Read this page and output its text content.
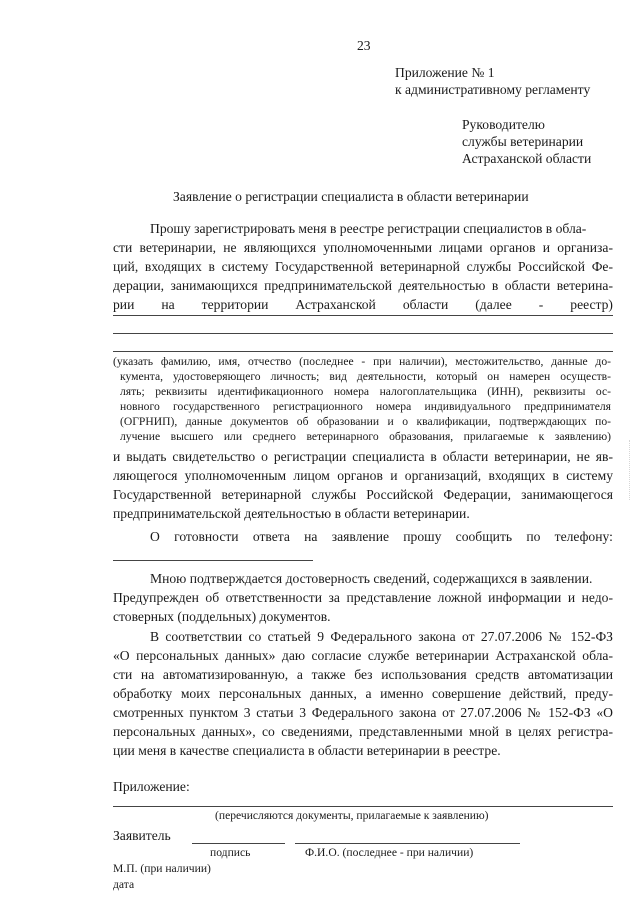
23
Приложение № 1
к административному регламенту
Руководителю
службы ветеринарии
Астраханской области
Заявление о регистрации специалиста в области ветеринарии
Прошу зарегистрировать меня в реестре регистрации специалистов в обла-
сти ветеринарии, не являющихся уполномоченными лицами органов и организа-
ций, входящих в систему Государственной ветеринарной службы Российской Фе-
дерации, занимающихся предпринимательской деятельностью в области ветерина-
рии на территории Астраханской области (далее - реестр)
(указать фамилию, имя, отчество (последнее - при наличии), местожительство, данные до-
кумента, удостоверяющего личность; вид деятельности, который он намерен осуществ-
лять; реквизиты идентификационного номера налогоплательщика (ИНН), реквизиты ос-
новного государственного регистрационного номера индивидуального предпринимателя
(ОГРНИП), данные документов об образовании и о квалификации, подтверждающих по-
лучение высшего или среднего ветеринарного образования, прилагаемые к заявлению)
и выдать свидетельство о регистрации специалиста в области ветеринарии, не яв-
ляющегося уполномоченным лицом органов и организаций, входящих в систему
Государственной ветеринарной службы Российской Федерации, занимающегося
предпринимательской деятельностью в области ветеринарии.
О готовности ответа на заявление прошу сообщить по телефону:
Мною подтверждается достоверность сведений, содержащихся в заявлении.
Предупрежден об ответственности за представление ложной информации и недо-
стоверных (поддельных) документов.
В соответствии со статьей 9 Федерального закона от 27.07.2006 № 152-ФЗ
«О персональных данных» даю согласие службе ветеринарии Астраханской обла-
сти на автоматизированную, а также без использования средств автоматизации
обработку моих персональных данных, а именно совершение действий, преду-
смотренных пунктом 3 статьи 3 Федерального закона от 27.07.2006 № 152-ФЗ «О
персональных данных», со сведениями, представленными мной в целях регистра-
ции меня в качестве специалиста в области ветеринарии в реестре.
Приложение:
(перечисляются документы, прилагаемые к заявлению)
Заявитель
подпись	Ф.И.О. (последнее - при наличии)
М.П. (при наличии)
дата
